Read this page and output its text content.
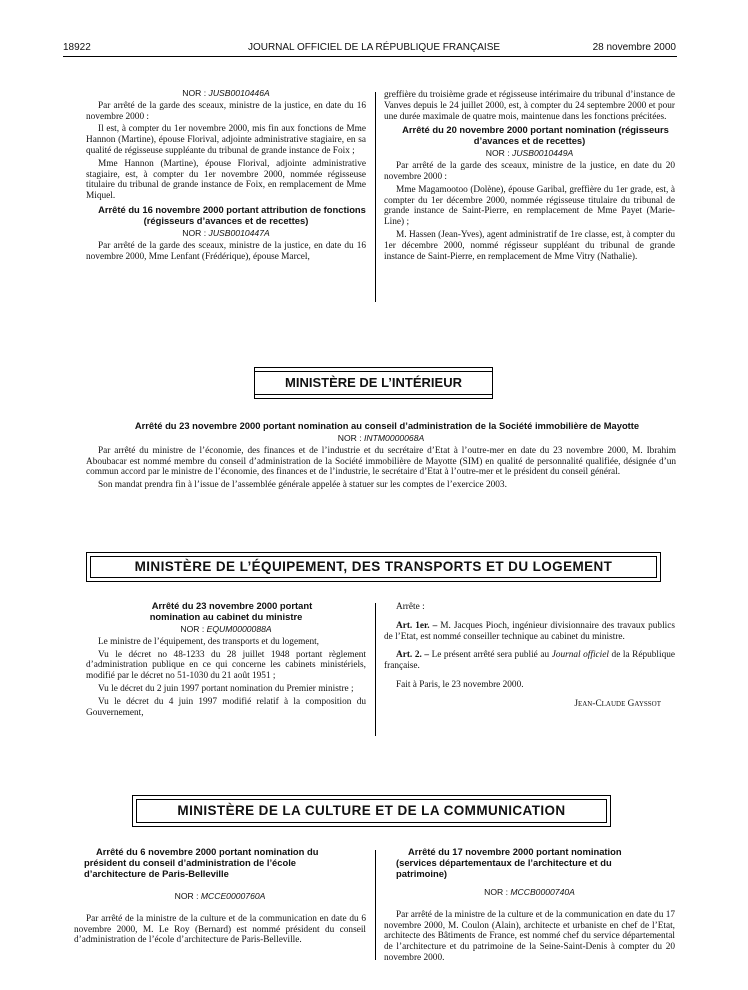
18922	JOURNAL OFFICIEL DE LA RÉPUBLIQUE FRANÇAISE	28 novembre 2000

NOR : JUSB0010446A

Par arrêté de la garde des sceaux, ministre de la justice, en date du 16 novembre 2000 :

Il est, à compter du 1er novembre 2000, mis fin aux fonctions de Mme Hannon (Martine), épouse Florival, adjointe administrative stagiaire, en sa qualité de régisseuse suppléante du tribunal de grande instance de Foix ;

Mme Hannon (Martine), épouse Florival, adjointe administrative stagiaire, est, à compter du 1er novembre 2000, nommée régisseuse titulaire du tribunal de grande instance de Foix, en remplacement de Mme Miquel.

Arrêté du 16 novembre 2000 portant attribution de fonctions (régisseurs d’avances et de recettes)

NOR : JUSB0010447A

Par arrêté de la garde des sceaux, ministre de la justice, en date du 16 novembre 2000, Mme Lenfant (Frédérique), épouse Marcel,

greffière du troisième grade et régisseuse intérimaire du tribunal d’instance de Vanves depuis le 24 juillet 2000, est, à compter du 24 septembre 2000 et pour une durée maximale de quatre mois, maintenue dans les fonctions précitées.

Arrêté du 20 novembre 2000 portant nomination (régisseurs d’avances et de recettes)

NOR : JUSB0010449A

Par arrêté de la garde des sceaux, ministre de la justice, en date du 20 novembre 2000 :

Mme Magamootoo (Dolène), épouse Garibal, greffière du 1er grade, est, à compter du 1er décembre 2000, nommée régisseuse titulaire du tribunal de grande instance de Saint-Pierre, en remplacement de Mme Payet (Marie-Line) ;

M. Hassen (Jean-Yves), agent administratif de 1re classe, est, à compter du 1er décembre 2000, nommé régisseur suppléant du tribunal de grande instance de Saint-Pierre, en remplacement de Mme Vitry (Nathalie).

MINISTÈRE DE L’INTÉRIEUR

Arrêté du 23 novembre 2000 portant nomination au conseil d’administration de la Société immobilière de Mayotte

NOR : INTM0000068A

Par arrêté du ministre de l’économie, des finances et de l’industrie et du secrétaire d’Etat à l’outre-mer en date du 23 novembre 2000, M. Ibrahim Aboubacar est nommé membre du conseil d’administration de la Société immobilière de Mayotte (SIM) en qualité de personnalité qualifiée, désignée d’un commun accord par le ministre de l’économie, des finances et de l’industrie, le secrétaire d’Etat à l’outre-mer et le président du conseil général.

Son mandat prendra fin à l’issue de l’assemblée générale appelée à statuer sur les comptes de l’exercice 2003.

MINISTÈRE DE L’ÉQUIPEMENT, DES TRANSPORTS ET DU LOGEMENT

Arrêté du 23 novembre 2000 portant nomination au cabinet du ministre

NOR : EQUM0000088A

Le ministre de l’équipement, des transports et du logement,

Vu le décret no 48-1233 du 28 juillet 1948 portant règlement d’administration publique en ce qui concerne les cabinets ministériels, modifié par le décret no 51-1030 du 21 août 1951 ;

Vu le décret du 2 juin 1997 portant nomination du Premier ministre ;

Vu le décret du 4 juin 1997 modifié relatif à la composition du Gouvernement,

Arrête :

Art. 1er. – M. Jacques Pioch, ingénieur divisionnaire des travaux publics de l’Etat, est nommé conseiller technique au cabinet du ministre.

Art. 2. – Le présent arrêté sera publié au Journal officiel de la République française.

Fait à Paris, le 23 novembre 2000.

Jean-Claude Gayssot

MINISTÈRE DE LA CULTURE ET DE LA COMMUNICATION

Arrêté du 6 novembre 2000 portant nomination du président du conseil d’administration de l’école d’architecture de Paris-Belleville

NOR : MCCE0000760A

Par arrêté de la ministre de la culture et de la communication en date du 6 novembre 2000, M. Le Roy (Bernard) est nommé président du conseil d’administration de l’école d’architecture de Paris-Belleville.

Arrêté du 17 novembre 2000 portant nomination (services départementaux de l’architecture et du patrimoine)

NOR : MCCB0000740A

Par arrêté de la ministre de la culture et de la communication en date du 17 novembre 2000, M. Coulon (Alain), architecte et urbaniste en chef de l’Etat, architecte des Bâtiments de France, est nommé chef du service départemental de l’architecture et du patrimoine de la Seine-Saint-Denis à compter du 20 novembre 2000.
